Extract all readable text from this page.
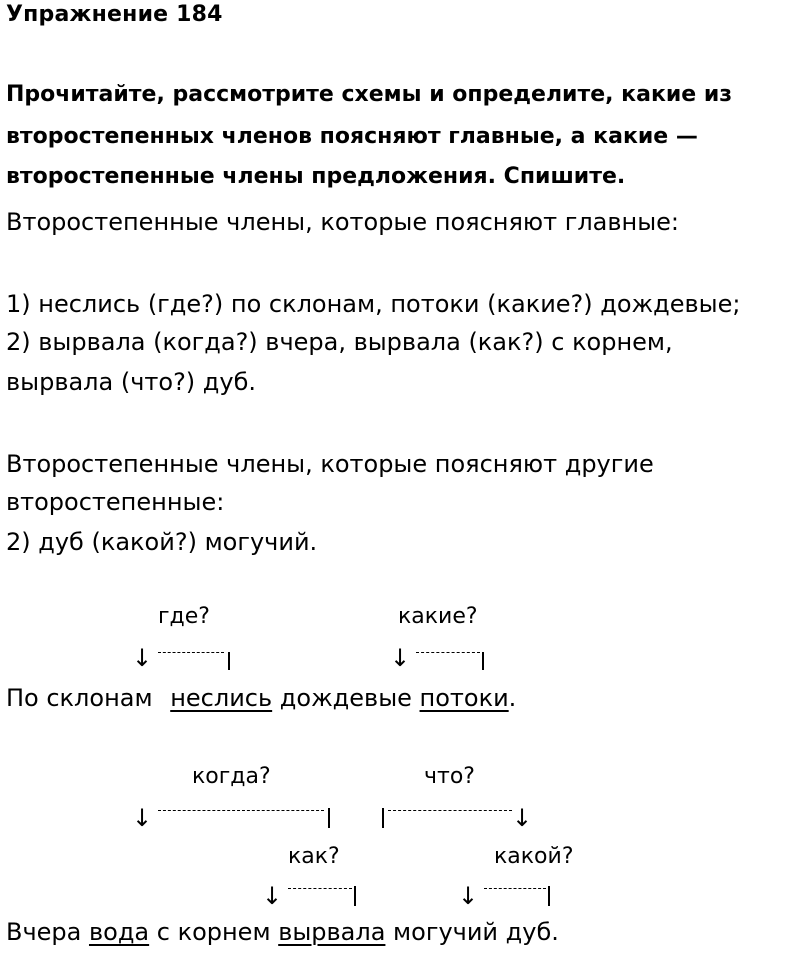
Упражнение 184
Прочитайте, рассмотрите схемы и определите, какие из
второстепенных членов поясняют главные, а какие —
второстепенные члены предложения. Спишите.
Второстепенные члены, которые поясняют главные:
1) неслись (где?) по склонам, потоки (какие?) дождевые;
2) вырвала (когда?) вчера, вырвала (как?) с корнем,
вырвала (что?) дуб.
Второстепенные члены, которые поясняют другие
второстепенные:
2) дуб (какой?) могучий.
где?	какие?
↓	↓
По склонам неслись дождевые потоки.
когда?	что?
↓	↓
как?	какой?
↓	↓
Вчера вода с корнем вырвала могучий дуб.
